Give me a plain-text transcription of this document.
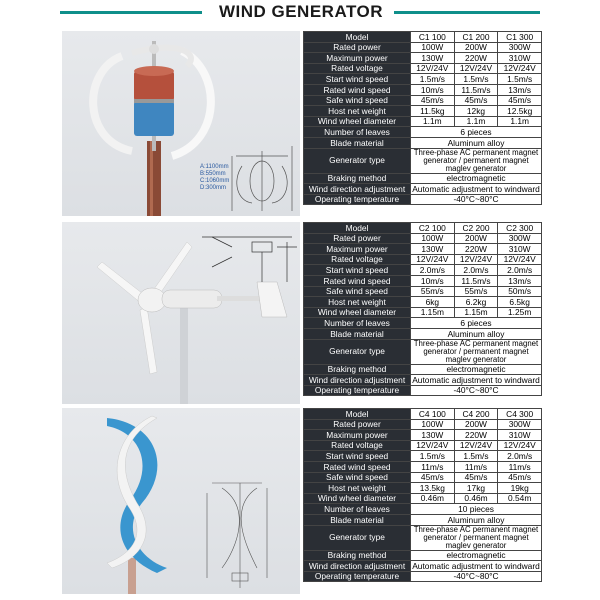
WIND GENERATOR
A:1100mm
B:550mm
C:1060mm
D:300mm
Model	C1 100	C1 200	C1 300
Rated power	100W	200W	300W
Maximum power	130W	220W	310W
Rated voltage	12V/24V	12V/24V	12V/24V
Start wind speed	1.5m/s	1.5m/s	1.5m/s
Rated wind speed	10m/s	11.5m/s	13m/s
Safe wind speed	45m/s	45m/s	45m/s
Host net weight	11.5kg	12kg	12.5kg
Wind wheel diameter	1.1m	1.1m	1.1m
Number of leaves	6 pieces		
Blade material	Aluminum alloy		
Generator type	Three-phase AC permanent magnet generator / permanent magnet maglev generator		
Braking method	electromagnetic		
Wind direction adjustment	Automatic adjustment to windward		
Operating temperature	-40°C~80°C		
Model	C2 100	C2 200	C2 300
Rated power	100W	200W	300W
Maximum power	130W	220W	310W
Rated voltage	12V/24V	12V/24V	12V/24V
Start wind speed	2.0m/s	2.0m/s	2.0m/s
Rated wind speed	10m/s	11.5m/s	13m/s
Safe wind speed	55m/s	55m/s	50m/s
Host net weight	6kg	6.2kg	6.5kg
Wind wheel diameter	1.15m	1.15m	1.25m
Number of leaves	6 pieces		
Blade material	Aluminum alloy		
Generator type	Three-phase AC permanent magnet generator / permanent magnet maglev generator		
Braking method	electromagnetic		
Wind direction adjustment	Automatic adjustment to windward		
Operating temperature	-40°C~80°C		
Model	C4 100	C4 200	C4 300
Rated power	100W	200W	300W
Maximum power	130W	220W	310W
Rated voltage	12V/24V	12V/24V	12V/24V
Start wind speed	1.5m/s	1.5m/s	2.0m/s
Rated wind speed	11m/s	11m/s	11m/s
Safe wind speed	45m/s	45m/s	45m/s
Host net weight	13.5kg	17kg	19kg
Wind wheel diameter	0.46m	0.46m	0.54m
Number of leaves	10 pieces		
Blade material	Aluminum alloy		
Generator type	Three-phase AC permanent magnet generator / permanent magnet maglev generator		
Braking method	electromagnetic		
Wind direction adjustment	Automatic adjustment to windward		
Operating temperature	-40°C~80°C		
